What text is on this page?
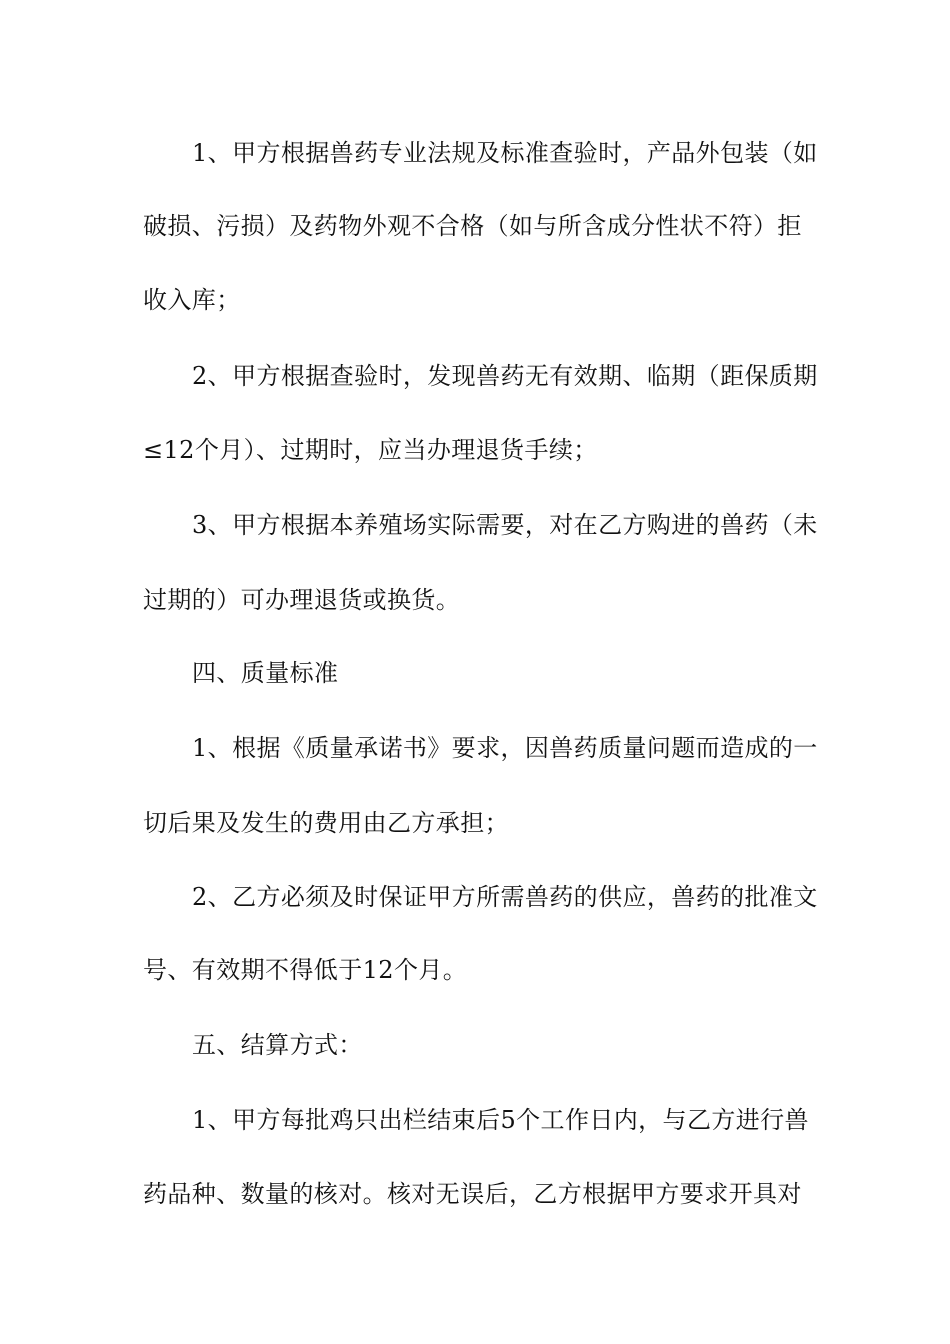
1、甲方根据兽药专业法规及标准查验时，产品外包装（如
破损、污损）及药物外观不合格（如与所含成分性状不符）拒
收入库；
2、甲方根据查验时，发现兽药无有效期、临期（距保质期
≤12个月）、过期时，应当办理退货手续；
3、甲方根据本养殖场实际需要，对在乙方购进的兽药（未
过期的）可办理退货或换货。
四、质量标准
1、根据《质量承诺书》要求，因兽药质量问题而造成的一
切后果及发生的费用由乙方承担；
2、乙方必须及时保证甲方所需兽药的供应，兽药的批准文
号、有效期不得低于12个月。
五、结算方式：
1、甲方每批鸡只出栏结束后5个工作日内，与乙方进行兽
药品种、数量的核对。核对无误后，乙方根据甲方要求开具对
